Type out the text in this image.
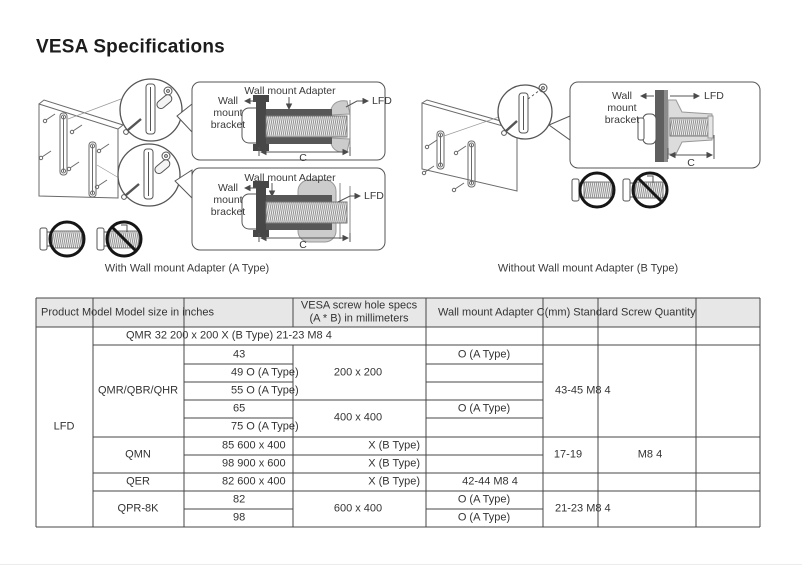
VESA Specifications
With Wall mount Adapter (A Type)	Without Wall mount Adapter (B Type)
Wall mount Adapter
Wall
mount
bracket
LFD
C
Wall mount Adapter
Wall
mount
bracket
LFD
C
Wall
mount
bracket
LFD
C
Product Model Model size in inches
VESA screw hole specs
(A * B) in millimeters	Wall mount Adapter C(mm) Standard Screw Quantity
LFD
QMR 32 200 x 200 X (B Type) 21-23 M8 4
QMR/QBR/QHR
QMN
QER
QPR-8K
43
49 O (A Type)
55 O (A Type)
65
75 O (A Type)
85 600 x 400
98 900 x 600
82 600 x 400
82
98
200 x 200
400 x 400
X (B Type)
X (B Type)
X (B Type)
600 x 400
O (A Type)
O (A Type)
42-44 M8 4
O (A Type)
O (A Type)
43-45 M8 4
17-19
21-23 M8 4
M8 4
